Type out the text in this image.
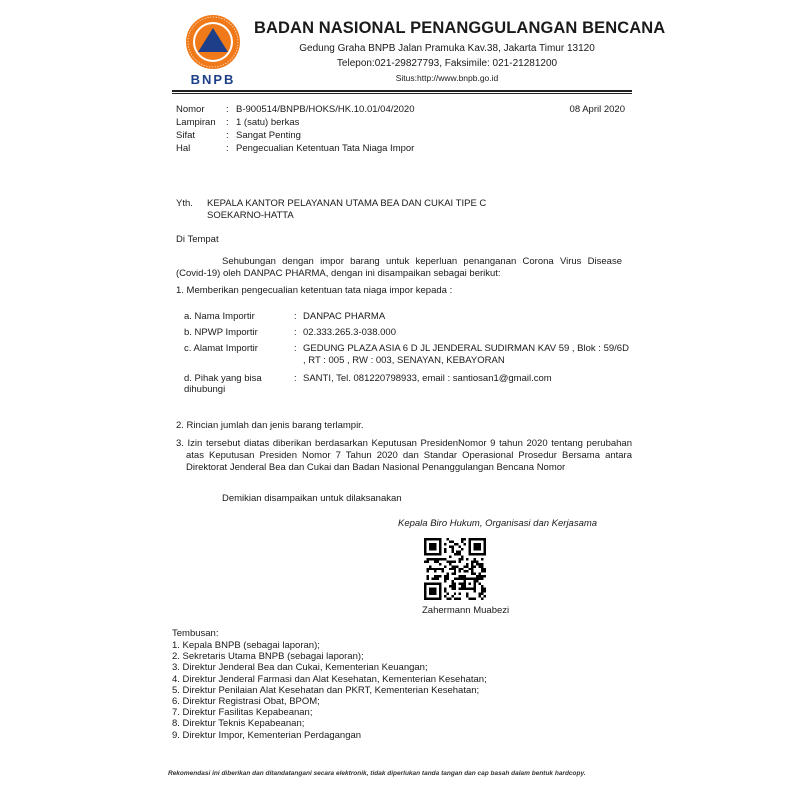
BNPB
BADAN NASIONAL PENANGGULANGAN BENCANA
Gedung Graha BNPB Jalan Pramuka Kav.38, Jakarta Timur 13120
Telepon:021-29827793, Faksimile: 021-21281200
Situs:http://www.bnpb.go.id
Nomor : B-900514/BNPB/HOKS/HK.10.01/04/2020	08 April 2020
Lampiran : 1 (satu) berkas
Sifat	: Sangat Penting
Hal	: Pengecualian Ketentuan Tata Niaga Impor
Yth. KEPALA KANTOR PELAYANAN UTAMA BEA DAN CUKAI TIPE C
SOEKARNO-HATTA
Di Tempat
Sehubungan dengan impor barang untuk keperluan penanganan Corona Virus Disease (Covid-19) oleh DANPAC PHARMA, dengan ini disampaikan sebagai berikut:
1. Memberikan pengecualian ketentuan tata niaga impor kepada :
a. Nama Importir	: DANPAC PHARMA
b. NPWP Importir	: 02.333.265.3-038.000
c. Alamat Importir	: GEDUNG PLAZA ASIA 6 D JL JENDERAL SUDIRMAN KAV 59 , Blok : 59/6D , RT : 005 , RW : 003, SENAYAN, KEBAYORAN
d. Pihak yang bisa dihubungi
: SANTI, Tel. 081220798933, email : santiosan1@gmail.com
2. Rincian jumlah dan jenis barang terlampir.
3. Izin tersebut diatas diberikan berdasarkan Keputusan PresidenNomor 9 tahun 2020 tentang perubahan atas Keputusan Presiden Nomor 7 Tahun 2020 dan Standar Operasional Prosedur Bersama antara Direktorat Jenderal Bea dan Cukai dan Badan Nasional Penanggulangan Bencana Nomor
Demikian disampaikan untuk dilaksanakan
Kepala Biro Hukum, Organisasi dan Kerjasama
Zahermann Muabezi
Tembusan:
1. Kepala BNPB (sebagai laporan);
2. Sekretaris Utama BNPB (sebagai laporan);
3. Direktur Jenderal Bea dan Cukai, Kementerian Keuangan;
4. Direktur Jenderal Farmasi dan Alat Kesehatan, Kementerian Kesehatan;
5. Direktur Penilaian Alat Kesehatan dan PKRT, Kementerian Kesehatan;
6. Direktur Registrasi Obat, BPOM;
7. Direktur Fasilitas Kepabeanan;
8. Direktur Teknis Kepabeanan;
9. Direktur Impor, Kementerian Perdagangan
Rekomendasi ini diberikan dan ditandatangani secara elektronik, tidak diperlukan tanda tangan dan cap basah dalam bentuk hardcopy.
